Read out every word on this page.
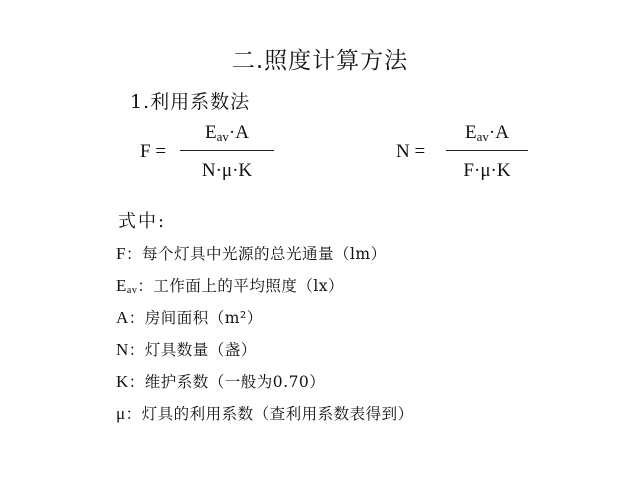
二.照度计算方法
1.利用系数法
F =
$E_{av}\cdot A$
N·μ·K
N =
$E_{av}\cdot A$
F·μ·K
式中:
F：每个灯具中光源的总光通量（lm）
$E_{av}$：工作面上的平均照度（lx）
A：房间面积（m²）
N：灯具数量（盏）
K：维护系数（一般为0.70）
μ：灯具的利用系数（查利用系数表得到）
